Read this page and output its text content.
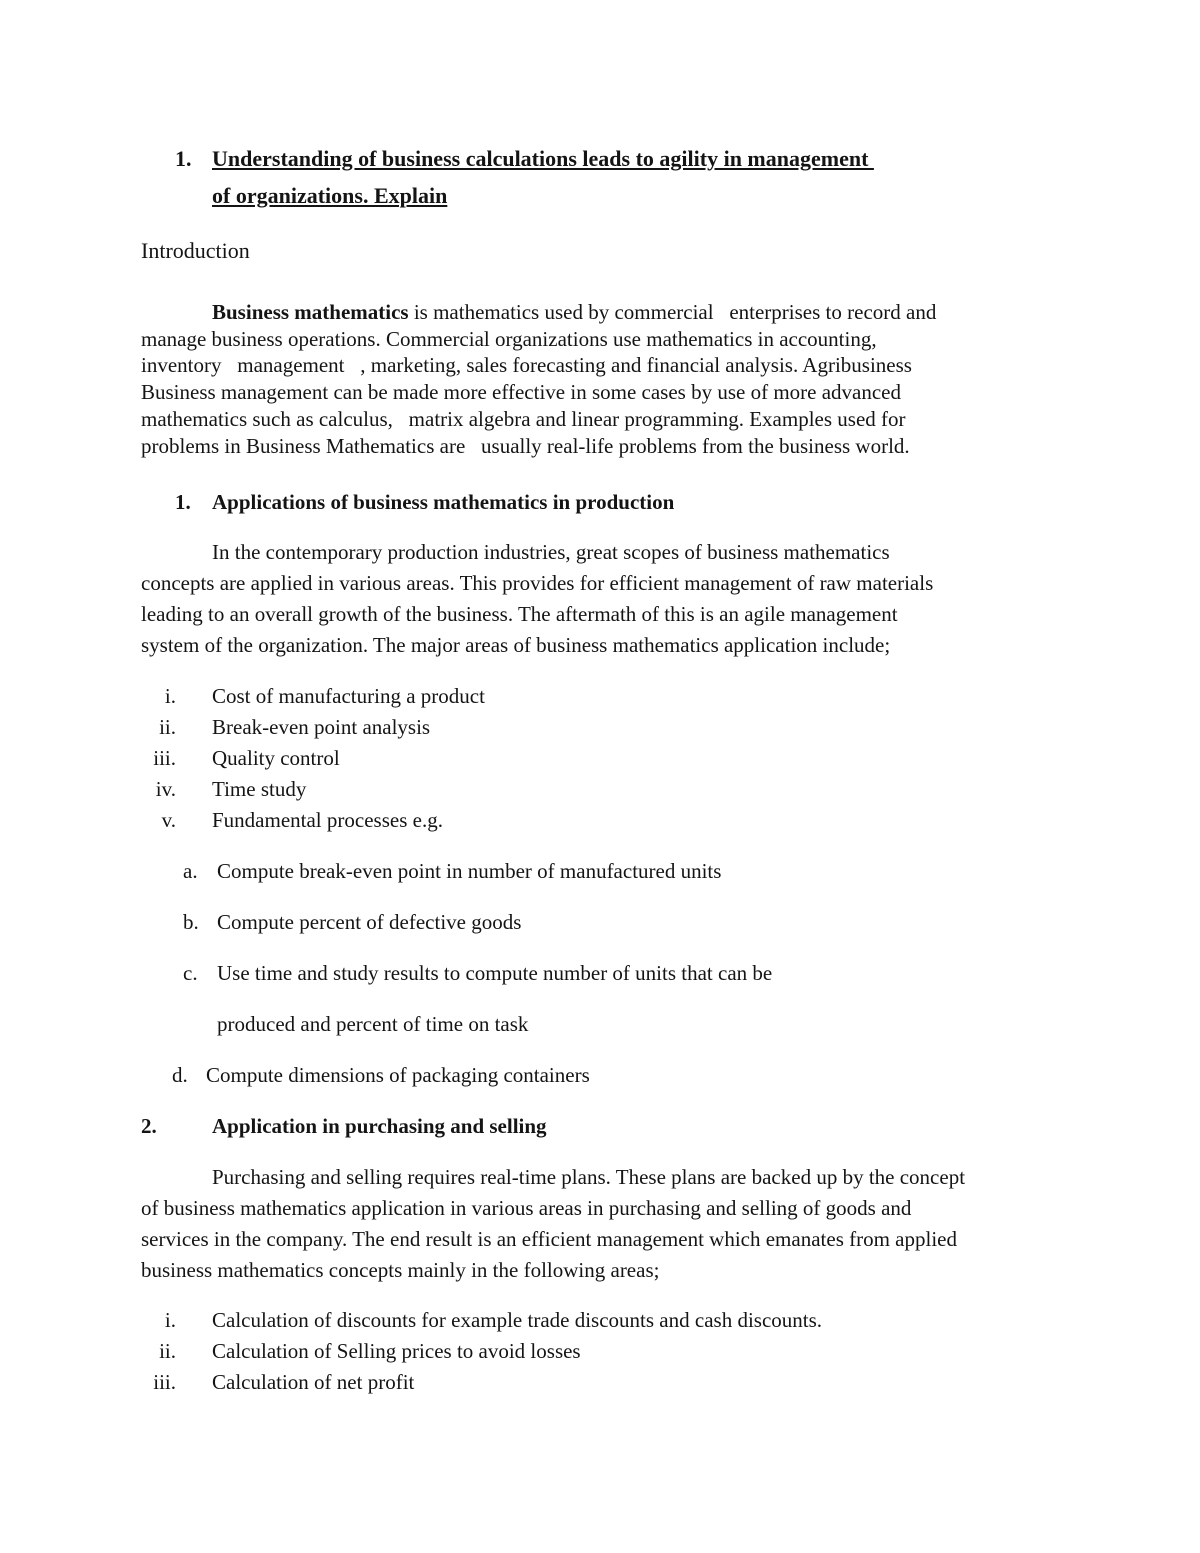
1. Understanding of business calculations leads to agility in management
of organizations. Explain
Introduction
Business mathematics is mathematics used by commercial   enterprises to record and
manage business operations. Commercial organizations use mathematics in accounting,
inventory   management   , marketing, sales forecasting and financial analysis. Agribusiness
Business management can be made more effective in some cases by use of more advanced
mathematics such as calculus,   matrix algebra and linear programming. Examples used for
problems in Business Mathematics are   usually real-life problems from the business world.
1. Applications of business mathematics in production
In the contemporary production industries, great scopes of business mathematics
concepts are applied in various areas. This provides for efficient management of raw materials
leading to an overall growth of the business. The aftermath of this is an agile management
system of the organization. The major areas of business mathematics application include;
i. Cost of manufacturing a product
ii. Break-even point analysis
iii. Quality control
iv. Time study
v. Fundamental processes e.g.
a. Compute break-even point in number of manufactured units
b. Compute percent of defective goods
c. Use time and study results to compute number of units that can be
produced and percent of time on task
d. Compute dimensions of packaging containers
2.	Application in purchasing and selling
Purchasing and selling requires real-time plans. These plans are backed up by the concept
of business mathematics application in various areas in purchasing and selling of goods and
services in the company. The end result is an efficient management which emanates from applied
business mathematics concepts mainly in the following areas;
i. Calculation of discounts for example trade discounts and cash discounts.
ii. Calculation of Selling prices to avoid losses
iii. Calculation of net profit
